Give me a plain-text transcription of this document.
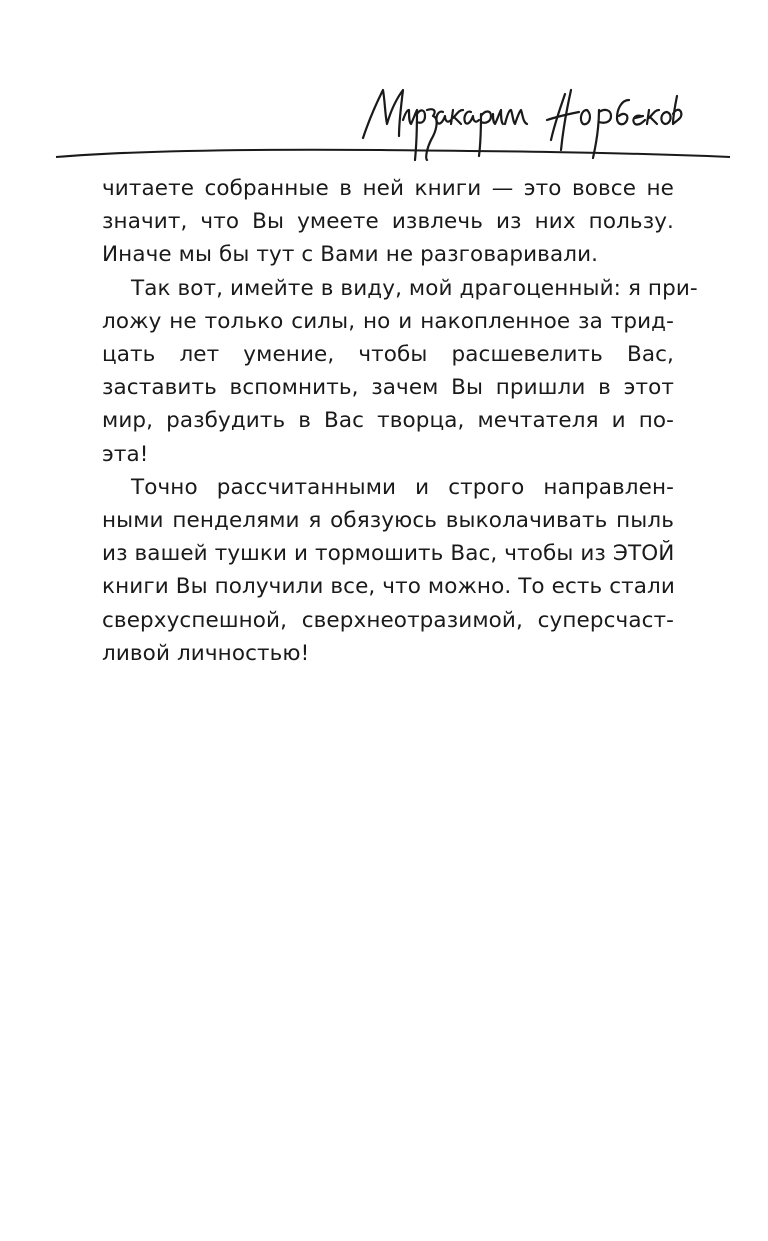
читаете собранные в ней книги — это вовсе не
значит, что Вы умеете извлечь из них пользу.
Иначе мы бы тут с Вами не разговаривали.

Так вот, имейте в виду, мой драгоценный: я при-
ложу не только силы, но и накопленное за трид-
цать лет умение, чтобы расшевелить Вас,
заставить вспомнить, зачем Вы пришли в этот
мир, разбудить в Вас творца, мечтателя и по-
эта!

Точно рассчитанными и строго направлен-
ными пенделями я обязуюсь выколачивать пыль
из вашей тушки и тормошить Вас, чтобы из ЭТОЙ
книги Вы получили все, что можно. То есть стали
сверхуспешной, сверхнеотразимой, суперсчаст-
ливой личностью!
